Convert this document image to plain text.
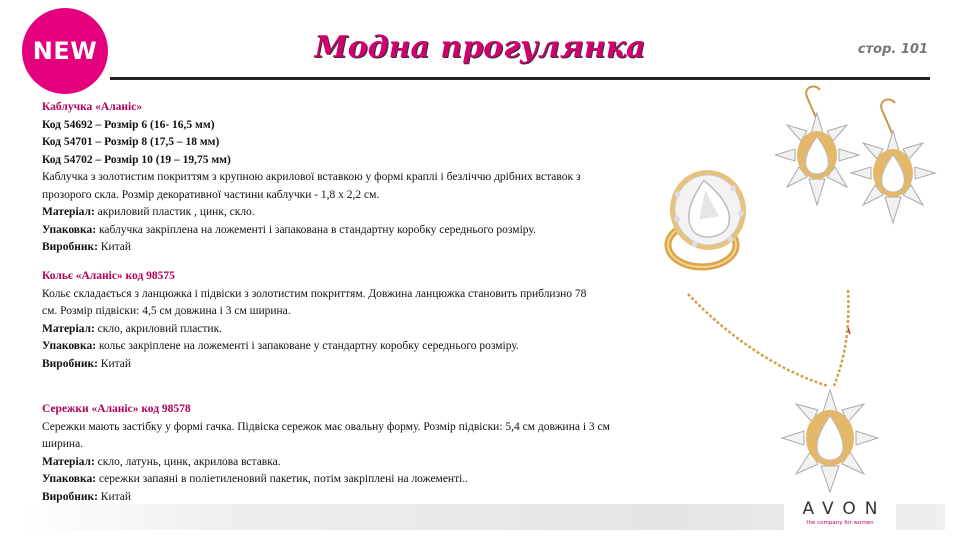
NEW	Модна прогулянка	стор. 101

Каблучка «Аланіс»

Код 54692 – Розмір 6 (16- 16,5 мм)

Код 54701 – Розмір 8 (17,5 – 18 мм)

Код 54702 – Розмір 10 (19 – 19,75 мм)

Каблучка з золотистим покриттям з крупною акрилової вставкою у формі краплі і безліччю дрібних вставок з прозорого скла. Розмір декоративної частини каблучки - 1,8 х 2,2 см.

Матеріал: акриловий пластик , цинк, скло.

Упаковка: каблучка закріплена на ложементі і запакована в стандартну коробку середнього розміру.

Виробник: Китай

Кольє «Аланіс» код 98575

Кольє складається з ланцюжка і підвіски з золотистим покриттям. Довжина ланцюжка становить приблизно 78 см. Розмір підвіски: 4,5 см довжина і 3 см ширина.

Матеріал: скло, акриловий пластик.

Упаковка: кольє закріплене на ложементі і запаковане у стандартну коробку середнього розміру.

Виробник: Китай

Сережки «Аланіс» код 98578

Сережки мають застібку у формі гачка. Підвіска сережок має овальну форму. Розмір підвіски: 5,4 см довжина і 3 см ширина.

Матеріал: скло, латунь, цинк, акрилова вставка.

Упаковка: сережки запаяні в поліетиленовий пакетик, потім закріплені на ложементі..

Виробник: Китай

AVON
the company for women
